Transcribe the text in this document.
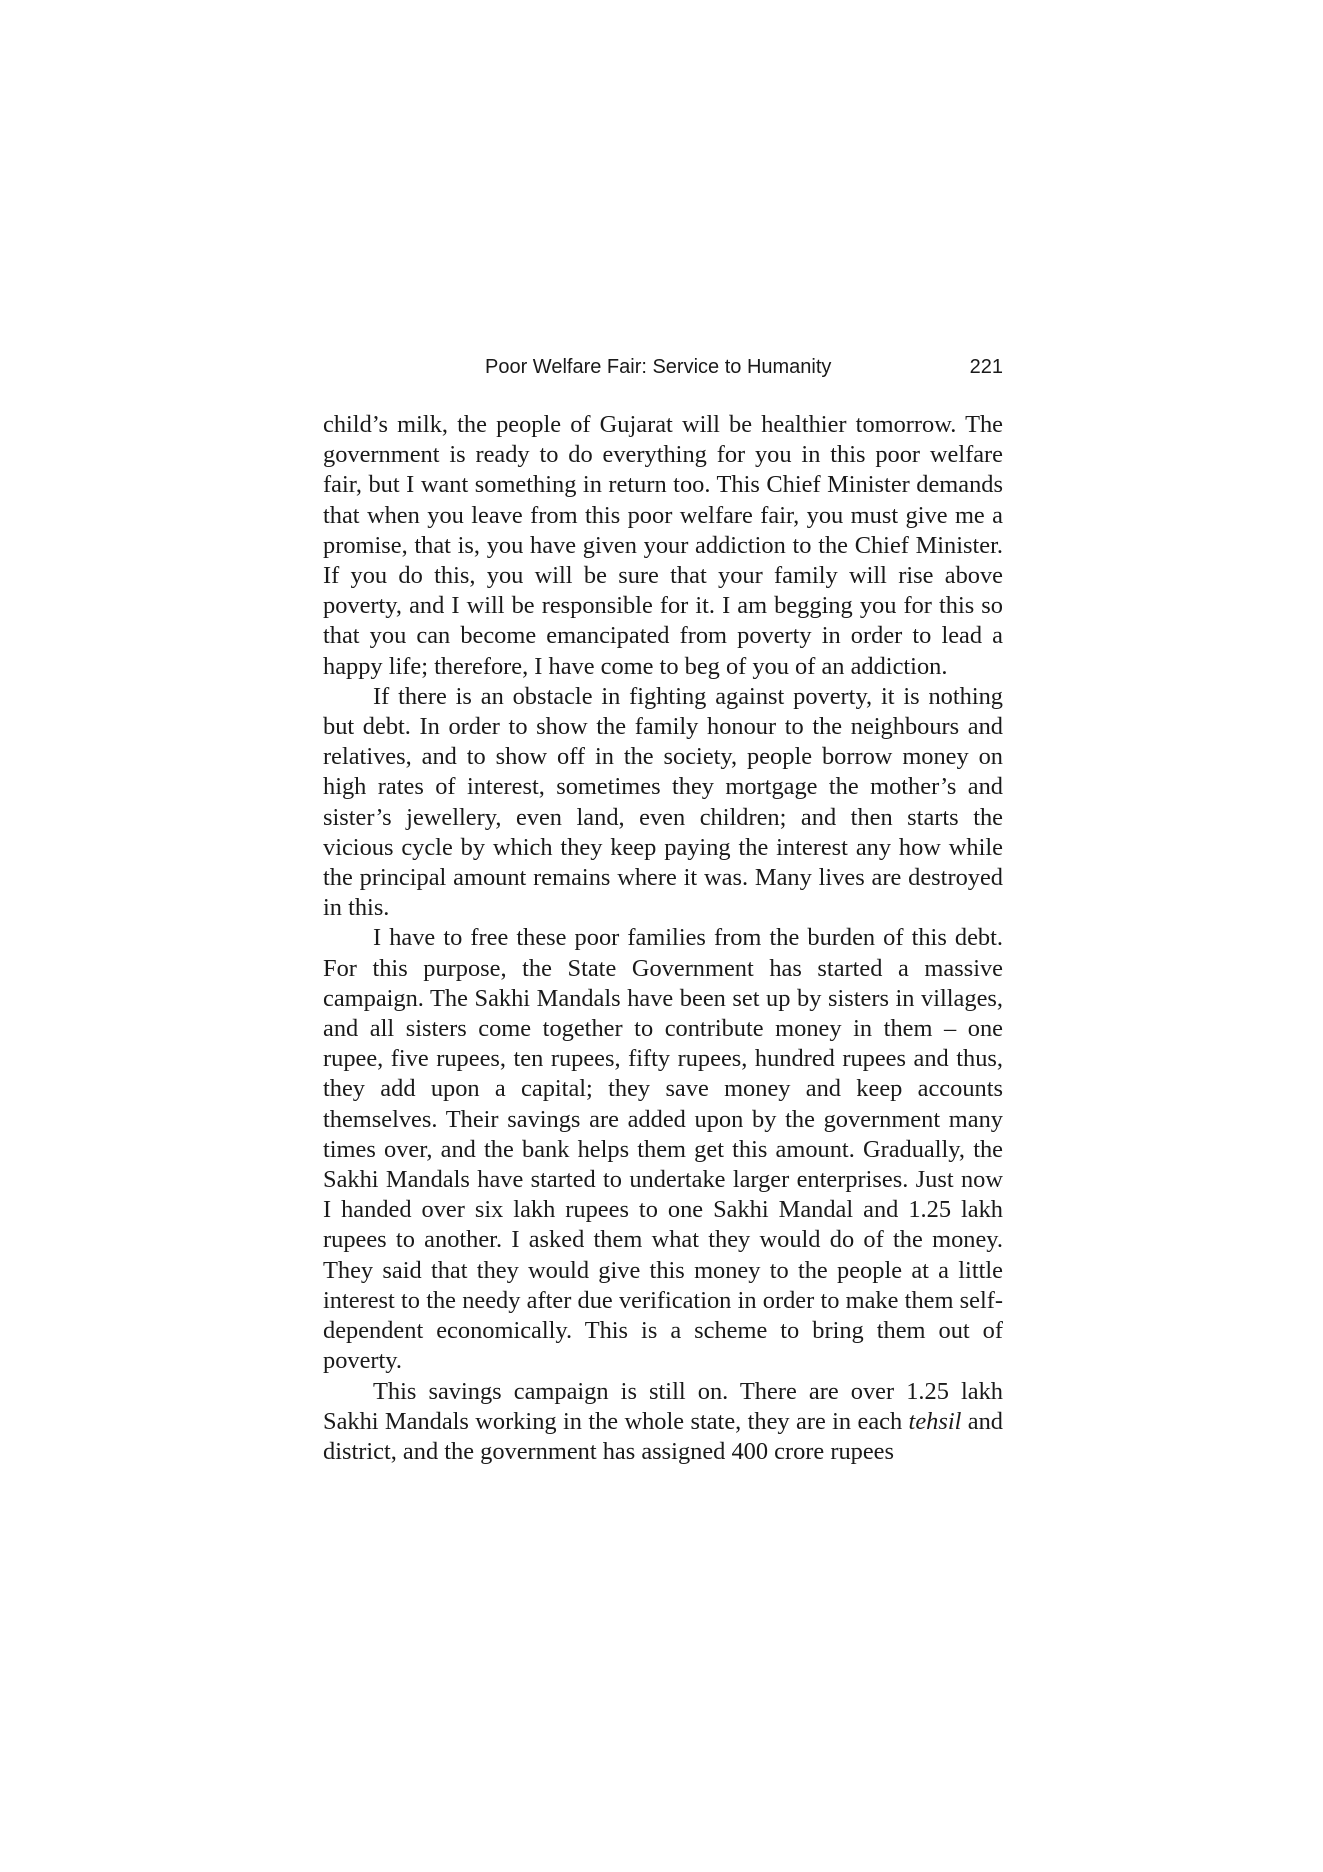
Poor Welfare Fair: Service to Humanity	221

child’s milk, the people of Gujarat will be healthier tomorrow. The government is ready to do everything for you in this poor welfare fair, but I want something in return too. This Chief Minister demands that when you leave from this poor welfare fair, you must give me a promise, that is, you have given your addiction to the Chief Minister. If you do this, you will be sure that your family will rise above poverty, and I will be responsible for it. I am begging you for this so that you can become emancipated from poverty in order to lead a happy life; therefore, I have come to beg of you of an addiction.

If there is an obstacle in fighting against poverty, it is nothing but debt. In order to show the family honour to the neighbours and relatives, and to show off in the society, people borrow money on high rates of interest, sometimes they mortgage the mother’s and sister’s jewellery, even land, even children; and then starts the vicious cycle by which they keep paying the interest any how while the principal amount remains where it was. Many lives are destroyed in this.

I have to free these poor families from the burden of this debt. For this purpose, the State Government has started a massive campaign. The Sakhi Mandals have been set up by sisters in villages, and all sisters come together to contribute money in them – one rupee, five rupees, ten rupees, fifty rupees, hundred rupees and thus, they add upon a capital; they save money and keep accounts themselves. Their savings are added upon by the government many times over, and the bank helps them get this amount. Gradually, the Sakhi Mandals have started to undertake larger enterprises. Just now I handed over six lakh rupees to one Sakhi Mandal and 1.25 lakh rupees to another. I asked them what they would do of the money. They said that they would give this money to the people at a little interest to the needy after due verification in order to make them self-dependent economically. This is a scheme to bring them out of poverty.

This savings campaign is still on. There are over 1.25 lakh Sakhi Mandals working in the whole state, they are in each tehsil and district, and the government has assigned 400 crore rupees
